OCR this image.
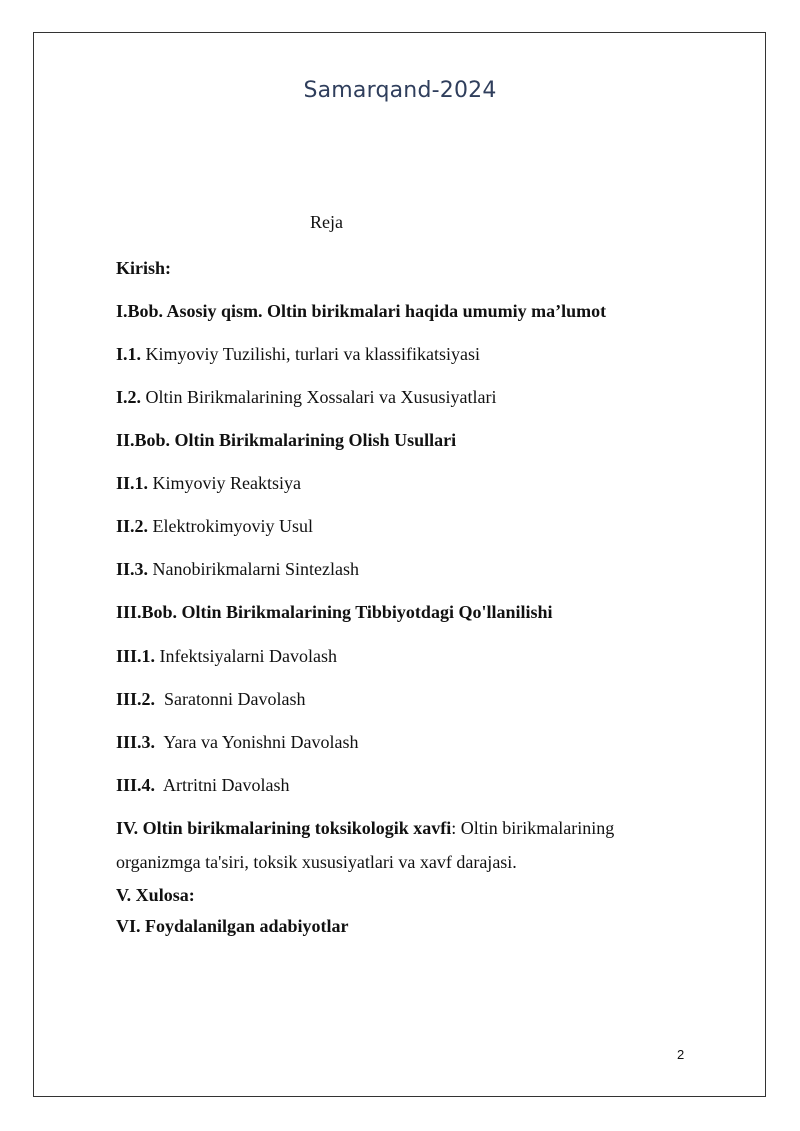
Samarqand-2024
Reja
Kirish:
I.Bob. Asosiy qism. Oltin birikmalari haqida umumiy ma’lumot
I.1. Kimyoviy Tuzilishi, turlari va klassifikatsiyasi
I.2. Oltin Birikmalarining Xossalari va Xususiyatlari
II.Bob. Oltin Birikmalarining Olish Usullari
II.1. Kimyoviy Reaktsiya
II.2. Elektrokimyoviy Usul
II.3. Nanobirikmalarni Sintezlash
III.Bob. Oltin Birikmalarining Tibbiyotdagi Qo'llanilishi
III.1. Infektsiyalarni Davolash
III.2.  Saratonni Davolash
III.3.  Yara va Yonishni Davolash
III.4.  Artritni Davolash
IV. Oltin birikmalarining toksikologik xavfi: Oltin birikmalarining organizmga ta'siri, toksik xususiyatlari va xavf darajasi.
V. Xulosa:
VI. Foydalanilgan adabiyotlar
2
